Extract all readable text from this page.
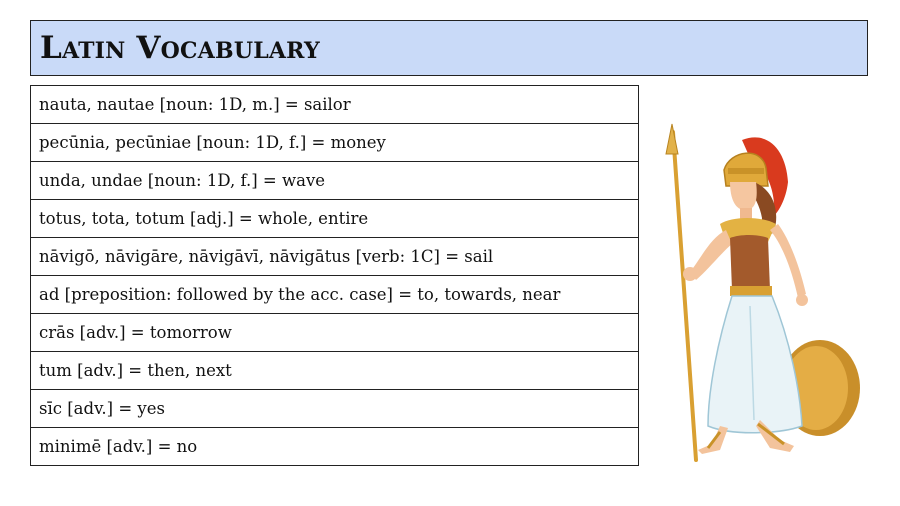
Latin Vocabulary
nauta, nautae [noun: 1D, m.] = sailor
pecūnia, pecūniae [noun: 1D, f.] = money
unda, undae [noun: 1D, f.] = wave
totus, tota, totum [adj.] = whole, entire
nāvigō, nāvigāre, nāvigāvī, nāvigātus [verb: 1C] = sail
ad [preposition: followed by the acc. case] = to, towards, near
crās [adv.] = tomorrow
tum [adv.] = then, next
sīc [adv.] = yes
minimē [adv.] = no
